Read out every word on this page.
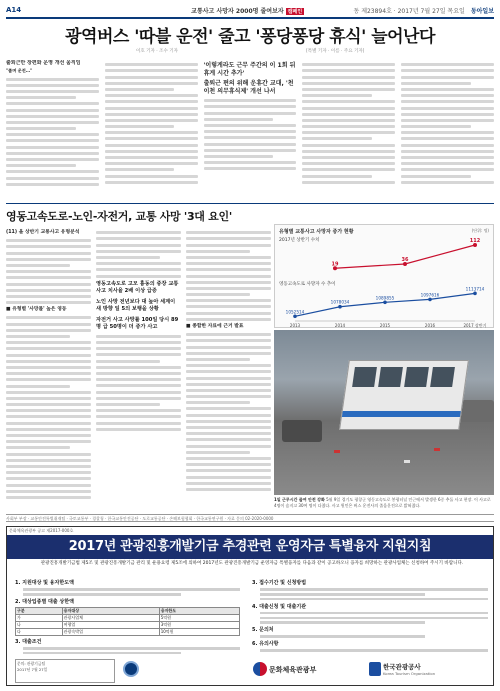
A14	교통사고 사망자 2000명 줄여보자 캠페인	동 제23894호 · 2017년 7월 27일 목요일 동아일보
광역버스 '따블 운전' 줄고 '퐁당퐁당 휴식' 늘어난다
이호 기자 · 조수 기자	[특별 기자 · 이름 · 주요 기자]
출퇴근만 장편화 운영 개선 움직임
"졸며 운전…"
'이렇게라도 근무 주간의 이 1회 뒤 휴게 시간 추가'
출퇴근 편의 위해 운휴간 교대, '천이천 의무휴식제' 개선 나서
영동고속도로-노인-자전거, 교통 사망 '3대 요인'
(11) 올 상반기 교통사고 유형분석
■ 유형별 '사망률' 높은 영동
영동고속도로 고모 흉동의 중장 교통사고 치사율 2배 이상 급증
노인 사망 전년보다 대 높아 세계이 새 방향 일 5의 보행을 상황
자전거 사고 사망률 100일 당시 89명 급 50명이 더 증가 사고	■ 종합한 자료에 근거 발표
19
36
112
1052514
2013
1078034
2014
1089855
2015
1097616
2016
1113714
2017 상반기
유형별 교통사고 사망자 증가 현황	(단위: 명)
2017년 상반기 수치
영동고속도로 사망자 수 추이
1일 근무시간 줄여 안전 강화 5월 9일 경기도 평창군 영동고속도로 봉평터널 인근에서 발생한 6중 추돌 사고 현장. 이 사고로 4명이 숨지고 30여 명이 다쳤다. 사고 원인은 버스 운전사의 졸음운전으로 밝혀졌다.
사회부 부장 · 교통안전특별취재팀 · 국토교통부 · 경찰청 · 한국교통안전공단 · 도로교통공단 · 손해보험협회 · 한국교통연구원 · 자료 문의 02-2020-0000
문화체육관광부 공고 제2017-000호
2017년 관광진흥개발기금 추경관련 운영자금 특별융자 지원지침
관광진흥개발기금법 제5조 및 관광진흥개발기금 관리 및 운용요령 제5조에 의하여 2017년도 관광진흥개발기금 운영자금 특별융자를 다음과 같이 공고하오니 융자를 희망하는 관광사업체는 신청하여 주시기 바랍니다.
1. 지원대상 및 융자한도액
2. 대상업종별 대출 상한액
구분	융자대상	융자한도
가	관광사업체	5억원
나	여행업	3억원
다	관광숙박업	10억원
3. 대출조건
3. 접수기간 및 신청방법
4. 대출신청 및 대출기관
5. 문의처
6. 유의사항
문의: 관광기금팀
2017년 7월 27일	문화체육관광부	한국관광공사
Korea Tourism Organization
